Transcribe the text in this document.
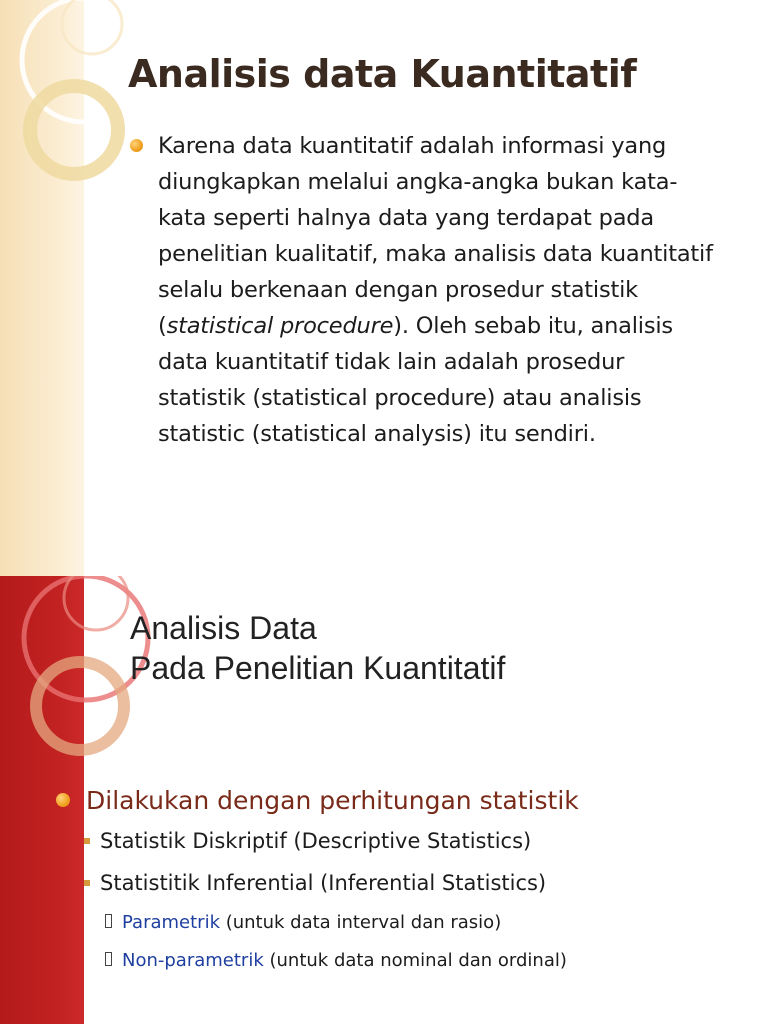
Analisis data Kuantitatif

Karena data kuantitatif adalah informasi yang
diungkapkan melalui angka-angka bukan kata-
kata seperti halnya data yang terdapat pada
penelitian kualitatif, maka analisis data kuantitatif
selalu berkenaan dengan prosedur statistik
(statistical procedure). Oleh sebab itu, analisis
data kuantitatif tidak lain adalah prosedur
statistik (statistical procedure) atau analisis
statistic (statistical analysis) itu sendiri.

Analisis Data
Pada Penelitian Kuantitatif
Dilakukan dengan perhitungan statistik
Statistik Diskriptif (Descriptive Statistics)
Statistitik Inferential (Inferential Statistics)
Parametrik (untuk data interval dan rasio)
Non-parametrik (untuk data nominal dan ordinal)
